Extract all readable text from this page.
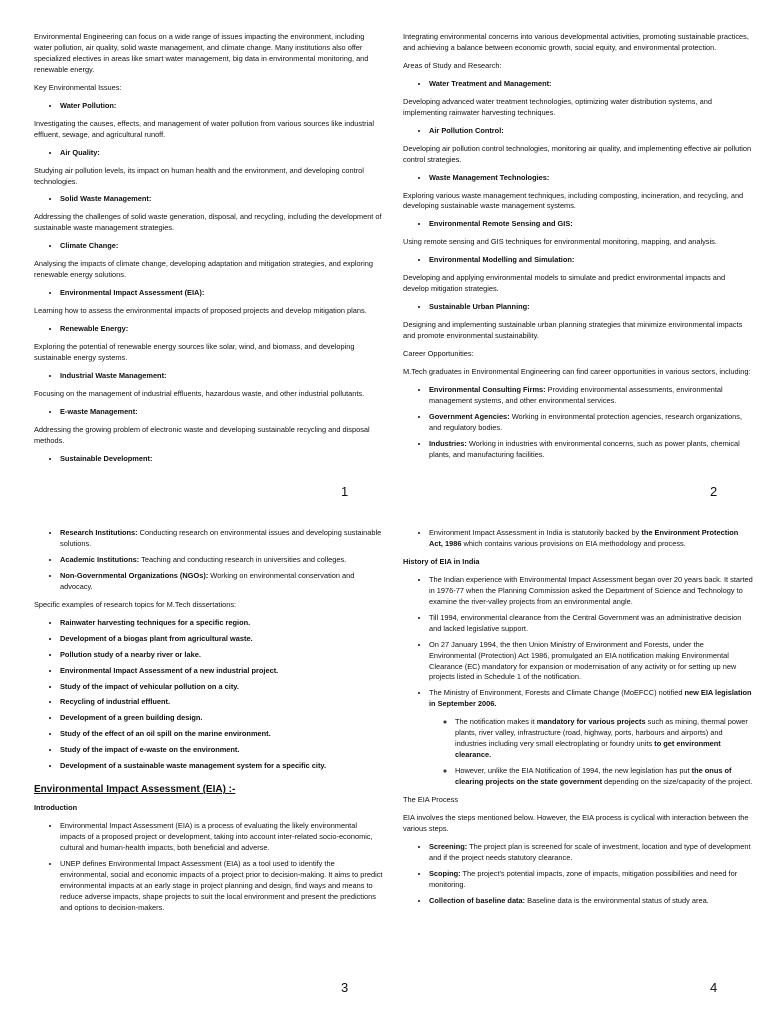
Environmental Engineering can focus on a wide range of issues impacting the environment, including water pollution, air quality, solid waste management, and climate change. Many institutions also offer specialized electives in areas like smart water management, big data in environmental monitoring, and renewable energy.

Key Environmental Issues:

• Water Pollution:

Investigating the causes, effects, and management of water pollution from various sources like industrial effluent, sewage, and agricultural runoff.

• Air Quality:

Studying air pollution levels, its impact on human health and the environment, and developing control technologies.

• Solid Waste Management:

Addressing the challenges of solid waste generation, disposal, and recycling, including the development of sustainable waste management strategies.

• Climate Change:

Analysing the impacts of climate change, developing adaptation and mitigation strategies, and exploring renewable energy solutions.

• Environmental Impact Assessment (EIA):

Learning how to assess the environmental impacts of proposed projects and develop mitigation plans.

• Renewable Energy:

Exploring the potential of renewable energy sources like solar, wind, and biomass, and developing sustainable energy systems.

• Industrial Waste Management:

Focusing on the management of industrial effluents, hazardous waste, and other industrial pollutants.

• E-waste Management:

Addressing the growing problem of electronic waste and developing sustainable recycling and disposal methods.

• Sustainable Development:

Integrating environmental concerns into various developmental activities, promoting sustainable practices, and achieving a balance between economic growth, social equity, and environmental protection.

Areas of Study and Research:

• Water Treatment and Management:

Developing advanced water treatment technologies, optimizing water distribution systems, and implementing rainwater harvesting techniques.

• Air Pollution Control:

Developing air pollution control technologies, monitoring air quality, and implementing effective air pollution control strategies.

• Waste Management Technologies:

Exploring various waste management techniques, including composting, incineration, and recycling, and developing sustainable waste management systems.

• Environmental Remote Sensing and GIS:

Using remote sensing and GIS techniques for environmental monitoring, mapping, and analysis.

• Environmental Modelling and Simulation:

Developing and applying environmental models to simulate and predict environmental impacts and develop mitigation strategies.

• Sustainable Urban Planning:

Designing and implementing sustainable urban planning strategies that minimize environmental impacts and promote environmental sustainability.

Career Opportunities:

M.Tech graduates in Environmental Engineering can find career opportunities in various sectors, including:

• Environmental Consulting Firms: Providing environmental assessments, environmental management systems, and other environmental services.
• Government Agencies: Working in environmental protection agencies, research organizations, and regulatory bodies.
• Industries: Working in industries with environmental concerns, such as power plants, chemical plants, and manufacturing facilities.
• Research Institutions: Conducting research on environmental issues and developing sustainable solutions.
• Academic Institutions: Teaching and conducting research in universities and colleges.
• Non-Governmental Organizations (NGOs): Working on environmental conservation and advocacy.

Specific examples of research topics for M.Tech dissertations:

• Rainwater harvesting techniques for a specific region.
• Development of a biogas plant from agricultural waste.
• Pollution study of a nearby river or lake.
• Environmental Impact Assessment of a new industrial project.
• Study of the impact of vehicular pollution on a city.
• Recycling of industrial effluent.
• Development of a green building design.
• Study of the effect of an oil spill on the marine environment.
• Study of the impact of e-waste on the environment.
• Development of a sustainable waste management system for a specific city.
Environmental Impact Assessment (EIA) :-

Introduction

• Environmental Impact Assessment (EIA) is a process of evaluating the likely environmental impacts of a proposed project or development, taking into account inter-related socio-economic, cultural and human-health impacts, both beneficial and adverse.
• UNEP defines Environmental Impact Assessment (EIA) as a tool used to identify the environmental, social and economic impacts of a project prior to decision-making. It aims to predict environmental impacts at an early stage in project planning and design, find ways and means to reduce adverse impacts, shape projects to suit the local environment and present the predictions and options to decision-makers.
• Environment Impact Assessment in India is statutorily backed by the Environment Protection Act, 1986 which contains various provisions on EIA methodology and process.

History of EIA in India

• The Indian experience with Environmental Impact Assessment began over 20 years back. It started in 1976-77 when the Planning Commission asked the Department of Science and Technology to examine the river-valley projects from an environmental angle.
• Till 1994, environmental clearance from the Central Government was an administrative decision and lacked legislative support.
• On 27 January 1994, the then Union Ministry of Environment and Forests, under the Environmental (Protection) Act 1986, promulgated an EIA notification making Environmental Clearance (EC) mandatory for expansion or modernisation of any activity or for setting up new projects listed in Schedule 1 of the notification.
• The Ministry of Environment, Forests and Climate Change (MoEFCC) notified new EIA legislation in September 2006.
◦ The notification makes it mandatory for various projects such as mining, thermal power plants, river valley, infrastructure (road, highway, ports, harbours and airports) and industries including very small electroplating or foundry units to get environment clearance.
◦ However, unlike the EIA Notification of 1994, the new legislation has put the onus of clearing projects on the state government depending on the size/capacity of the project.

The EIA Process

EIA involves the steps mentioned below. However, the EIA process is cyclical with interaction between the various steps.

• Screening: The project plan is screened for scale of investment, location and type of development and if the project needs statutory clearance.
• Scoping: The project's potential impacts, zone of impacts, mitigation possibilities and need for monitoring.
• Collection of baseline data: Baseline data is the environmental status of study area.
1	2
3	4
